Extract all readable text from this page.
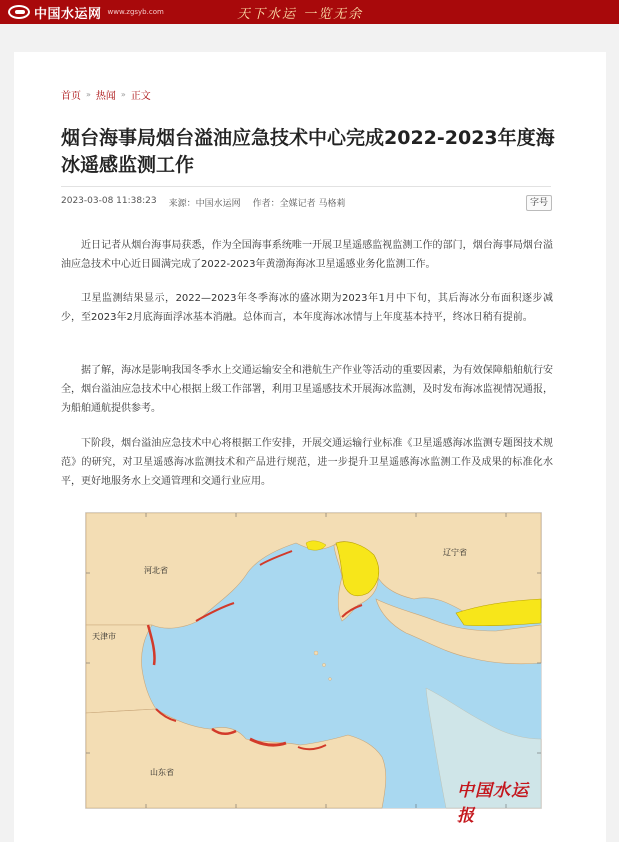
中国水运网 www.zgsyb.com	天下水运 一览无余
首页 » 热闻 » 正文
烟台海事局烟台溢油应急技术中心完成2022-2023年度海冰遥感监测工作
2023-03-08 11:38:23 来源：中国水运网 作者：全媒记者 马格莉	字号

近日记者从烟台海事局获悉，作为全国海事系统唯一开展卫星遥感监视监测工作的部门，烟台海事局烟台溢油应急技术中心近日圆满完成了2022-2023年黄渤海海冰卫星遥感业务化监测工作。

卫星监测结果显示，2022—2023年冬季海冰的盛冰期为2023年1月中下旬，其后海冰分布面积逐步减少，至2023年2月底海面浮冰基本消融。总体而言，本年度海冰冰情与上年度基本持平，终冰日稍有提前。

据了解，海冰是影响我国冬季水上交通运输安全和港航生产作业等活动的重要因素，为有效保障船舶航行安全，烟台溢油应急技术中心根据上级工作部署，利用卫星遥感技术开展海冰监测，及时发布海冰监视情况通报，为船舶通航提供参考。

下阶段，烟台溢油应急技术中心将根据工作安排，开展交通运输行业标准《卫星遥感海冰监测专题图技术规范》的研究，对卫星遥感海冰监测技术和产品进行规范，进一步提升卫星遥感海冰监测工作及成果的标准化水平，更好地服务水上交通管理和交通行业应用。

河北省
辽宁省
天津市
山东省
中国水运报
